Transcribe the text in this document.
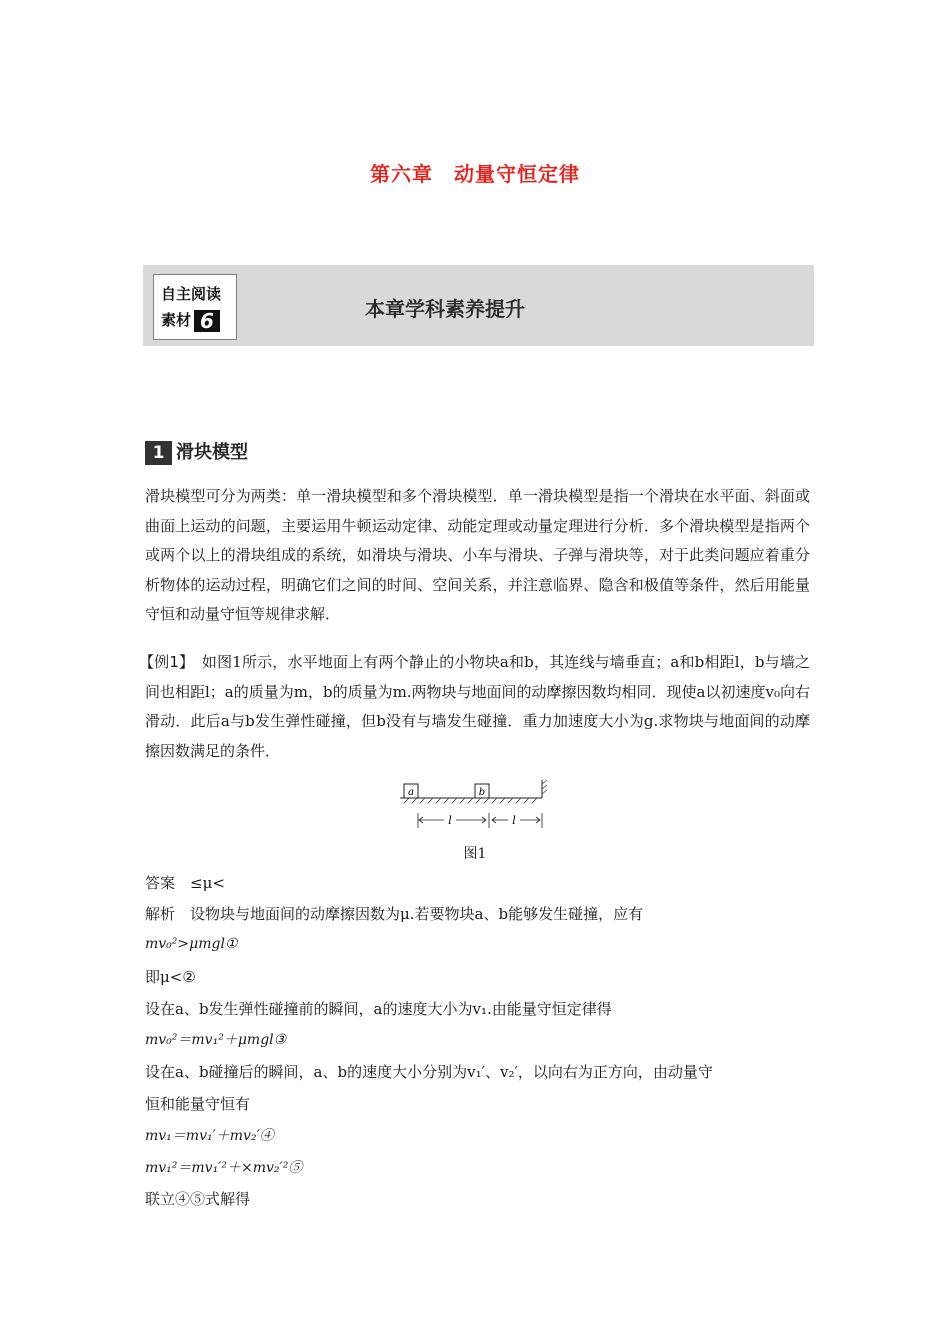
第六章　动量守恒定律
自主阅读
素材 6	本章学科素养提升
1 滑块模型
滑块模型可分为两类：单一滑块模型和多个滑块模型．单一滑块模型是指一个滑块在水平面、斜面或曲面上运动的问题，主要运用牛顿运动定律、动能定理或动量定理进行分析．多个滑块模型是指两个或两个以上的滑块组成的系统，如滑块与滑块、小车与滑块、子弹与滑块等，对于此类问题应着重分析物体的运动过程，明确它们之间的时间、空间关系，并注意临界、隐含和极值等条件，然后用能量守恒和动量守恒等规律求解．
【例1】　如图1所示，水平地面上有两个静止的小物块a和b，其连线与墙垂直；a和b相距l，b与墙之间也相距l；a的质量为m，b的质量为m.两物块与地面间的动摩擦因数均相同．现使a以初速度v₀向右滑动．此后a与b发生弹性碰撞，但b没有与墙发生碰撞．重力加速度大小为g.求物块与地面间的动摩擦因数满足的条件．
a	b
l	l
图1
答案　≤μ<
解析　设物块与地面间的动摩擦因数为μ.若要物块a、b能够发生碰撞，应有
mv₀²>μmgl①
即μ<②
设在a、b发生弹性碰撞前的瞬间，a的速度大小为v₁.由能量守恒定律得
mv₀²＝mv₁²＋μmgl③
设在a、b碰撞后的瞬间，a、b的速度大小分别为v₁′、v₂′，以向右为正方向，由动量守
恒和能量守恒有
mv₁＝mv₁′＋mv₂′④
mv₁²＝mv₁′²＋×mv₂′²⑤
联立④⑤式解得
